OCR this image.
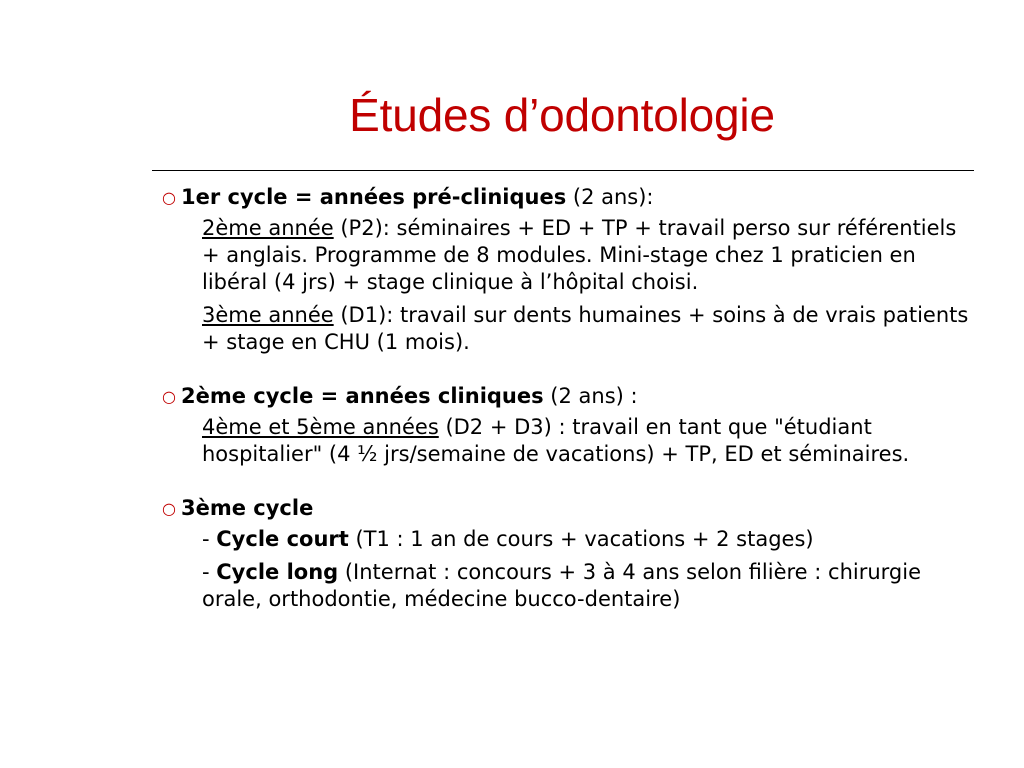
Études d’odontologie

○ 1er cycle = années pré-cliniques (2 ans):

2ème année (P2): séminaires + ED + TP + travail perso sur référentiels + anglais. Programme de 8 modules. Mini-stage chez 1 praticien en libéral (4 jrs) + stage clinique à l’hôpital choisi.

3ème année (D1): travail sur dents humaines + soins à de vrais patients + stage en CHU (1 mois).

○ 2ème cycle = années cliniques (2 ans) :

4ème et 5ème années (D2 + D3) : travail en tant que "étudiant hospitalier" (4 ½ jrs/semaine de vacations) + TP, ED et séminaires.

○ 3ème cycle

- Cycle court (T1 : 1 an de cours + vacations + 2 stages)

- Cycle long (Internat : concours + 3 à 4 ans selon filière : chirurgie orale, orthodontie, médecine bucco-dentaire)
